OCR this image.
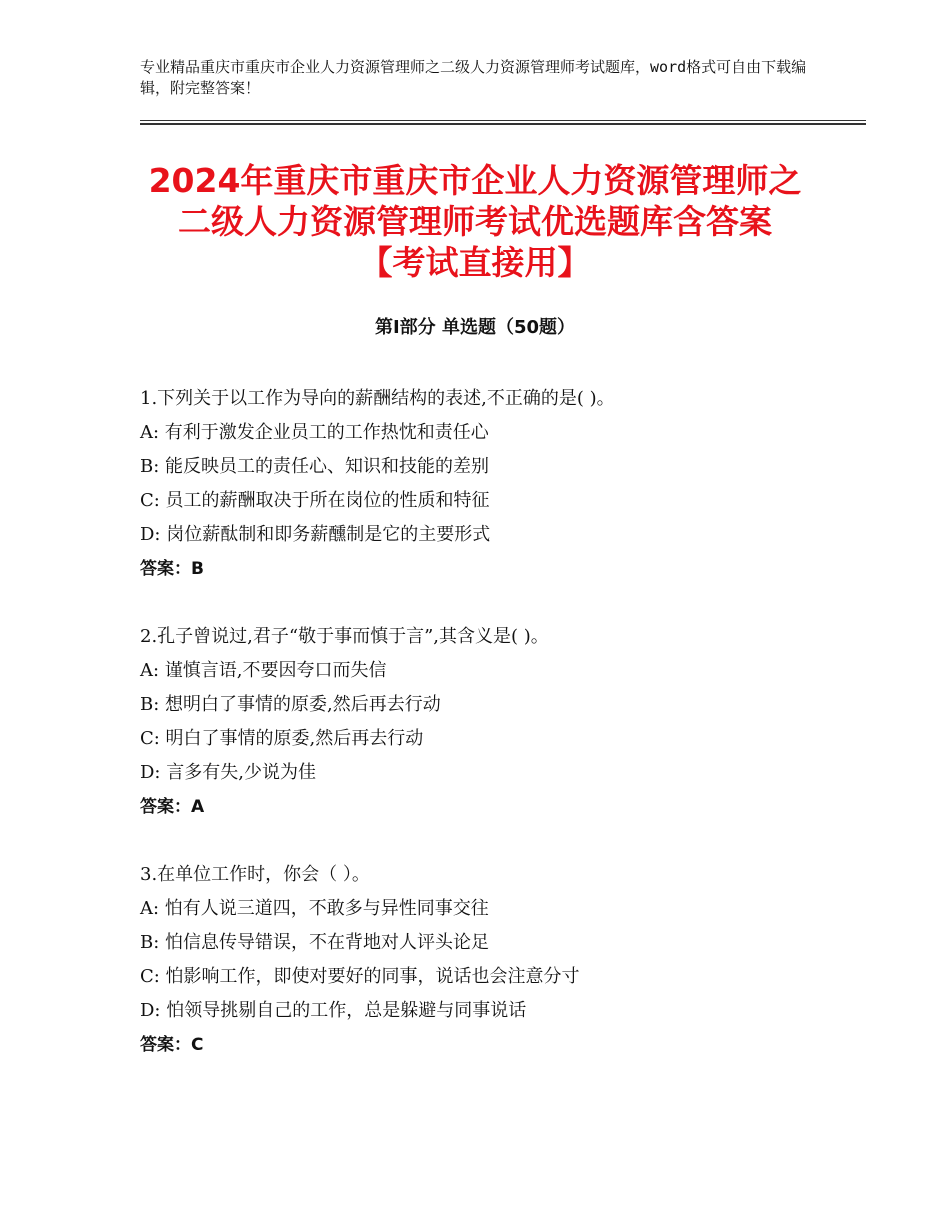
专业精品重庆市重庆市企业人力资源管理师之二级人力资源管理师考试题库，word格式可自由下载编辑，附完整答案！
2024年重庆市重庆市企业人力资源管理师之
二级人力资源管理师考试优选题库含答案
【考试直接用】
第Ⅰ部分 单选题（50题）
1.下列关于以工作为导向的薪酬结构的表述,不正确的是( )。
A: 有利于激发企业员工的工作热忱和责任心
B: 能反映员工的责任心、知识和技能的差别
C: 员工的薪酬取决于所在岗位的性质和特征
D: 岗位薪酞制和即务薪醺制是它的主要形式
答案：B
2.孔子曾说过,君子“敬于事而慎于言”,其含义是( )。
A: 谨慎言语,不要因夸口而失信
B: 想明白了事情的原委,然后再去行动
C: 明白了事情的原委,然后再去行动
D: 言多有失,少说为佳
答案：A
3.在单位工作时，你会（ ）。
A: 怕有人说三道四，不敢多与异性同事交往
B: 怕信息传导错误，不在背地对人评头论足
C: 怕影响工作，即使对要好的同事，说话也会注意分寸
D: 怕领导挑剔自己的工作，总是躲避与同事说话
答案：C
